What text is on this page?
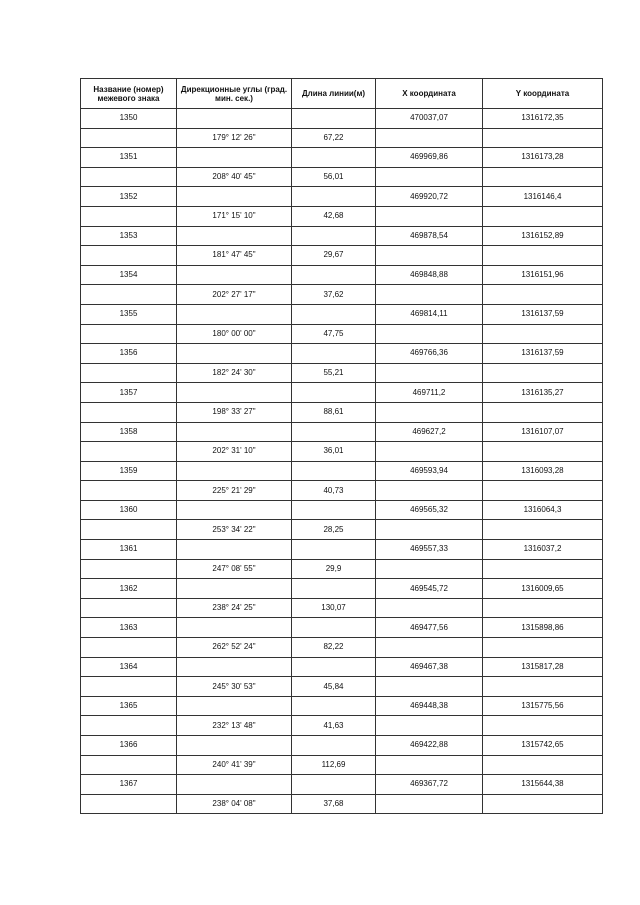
Название (номер) межевого знака	Дирекционные углы (град. мин. сек.)	Длина линии(м)	X координата	Y координата
1350			470037,07	1316172,35
	179° 12' 26"	67,22		
1351			469969,86	1316173,28
	208° 40' 45"	56,01		
1352			469920,72	1316146,4
	171° 15' 10"	42,68		
1353			469878,54	1316152,89
	181° 47' 45"	29,67		
1354			469848,88	1316151,96
	202° 27' 17"	37,62		
1355			469814,11	1316137,59
	180° 00' 00"	47,75		
1356			469766,36	1316137,59
	182° 24' 30"	55,21		
1357			469711,2	1316135,27
	198° 33' 27"	88,61		
1358			469627,2	1316107,07
	202° 31' 10"	36,01		
1359			469593,94	1316093,28
	225° 21' 29"	40,73		
1360			469565,32	1316064,3
	253° 34' 22"	28,25		
1361			469557,33	1316037,2
	247° 08' 55"	29,9		
1362			469545,72	1316009,65
	238° 24' 25"	130,07		
1363			469477,56	1315898,86
	262° 52' 24"	82,22		
1364			469467,38	1315817,28
	245° 30' 53"	45,84		
1365			469448,38	1315775,56
	232° 13' 48"	41,63		
1366			469422,88	1315742,65
	240° 41' 39"	112,69		
1367			469367,72	1315644,38
	238° 04' 08"	37,68		
